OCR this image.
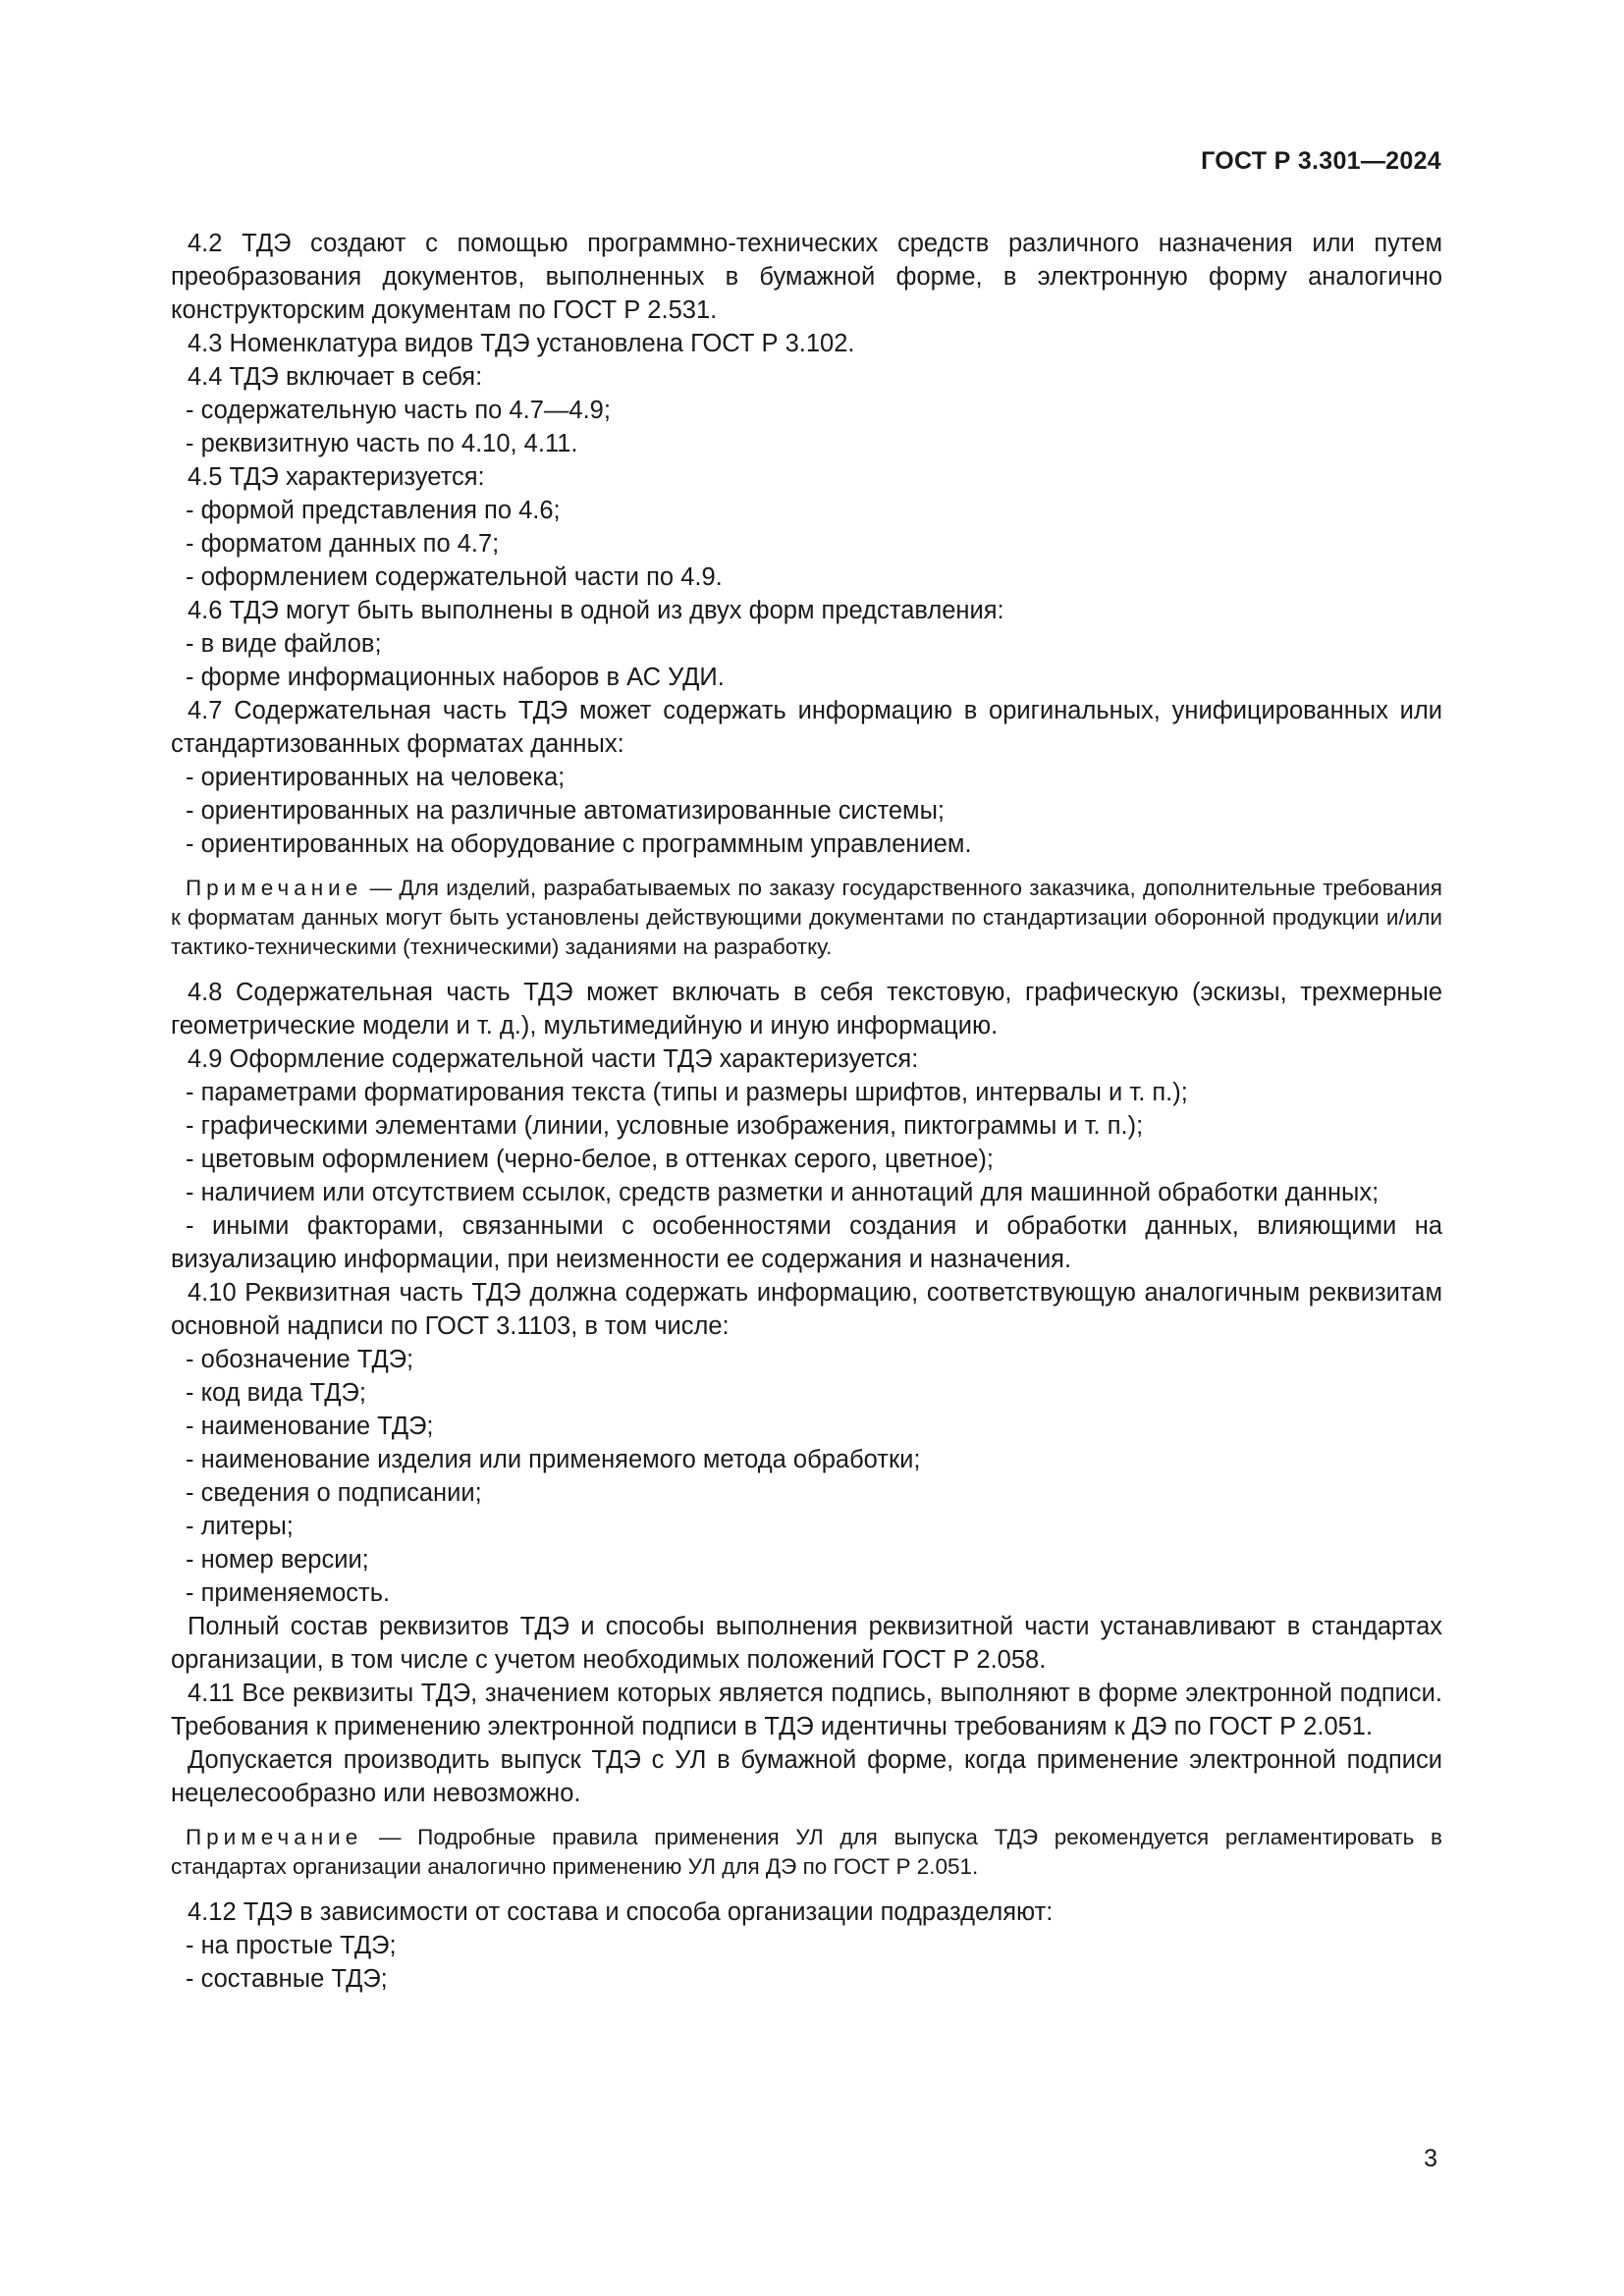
ГОСТ Р 3.301—2024

4.2 ТДЭ создают с помощью программно-технических средств различного назначения или путем преобразования документов, выполненных в бумажной форме, в электронную форму аналогично конструкторским документам по ГОСТ Р 2.531.

4.3 Номенклатура видов ТДЭ установлена ГОСТ Р 3.102.

4.4 ТДЭ включает в себя:

- содержательную часть по 4.7—4.9;

- реквизитную часть по 4.10, 4.11.

4.5 ТДЭ характеризуется:

- формой представления по 4.6;

- форматом данных по 4.7;

- оформлением содержательной части по 4.9.

4.6 ТДЭ могут быть выполнены в одной из двух форм представления:

- в виде файлов;

- форме информационных наборов в АС УДИ.

4.7 Содержательная часть ТДЭ может содержать информацию в оригинальных, унифицированных или стандартизованных форматах данных:

- ориентированных на человека;

- ориентированных на различные автоматизированные системы;

- ориентированных на оборудование с программным управлением.

Примечание — Для изделий, разрабатываемых по заказу государственного заказчика, дополнительные требования к форматам данных могут быть установлены действующими документами по стандартизации оборонной продукции и/или тактико-техническими (техническими) заданиями на разработку.

4.8 Содержательная часть ТДЭ может включать в себя текстовую, графическую (эскизы, трехмерные геометрические модели и т. д.), мультимедийную и иную информацию.

4.9 Оформление содержательной части ТДЭ характеризуется:

- параметрами форматирования текста (типы и размеры шрифтов, интервалы и т. п.);

- графическими элементами (линии, условные изображения, пиктограммы и т. п.);

- цветовым оформлением (черно-белое, в оттенках серого, цветное);

- наличием или отсутствием ссылок, средств разметки и аннотаций для машинной обработки данных;

- иными факторами, связанными с особенностями создания и обработки данных, влияющими на визуализацию информации, при неизменности ее содержания и назначения.

4.10 Реквизитная часть ТДЭ должна содержать информацию, соответствующую аналогичным реквизитам основной надписи по ГОСТ 3.1103, в том числе:

- обозначение ТДЭ;

- код вида ТДЭ;

- наименование ТДЭ;

- наименование изделия или применяемого метода обработки;

- сведения о подписании;

- литеры;

- номер версии;

- применяемость.

Полный состав реквизитов ТДЭ и способы выполнения реквизитной части устанавливают в стандартах организации, в том числе с учетом необходимых положений ГОСТ Р 2.058.

4.11 Все реквизиты ТДЭ, значением которых является подпись, выполняют в форме электронной подписи. Требования к применению электронной подписи в ТДЭ идентичны требованиям к ДЭ по ГОСТ Р 2.051.

Допускается производить выпуск ТДЭ с УЛ в бумажной форме, когда применение электронной подписи нецелесообразно или невозможно.

Примечание — Подробные правила применения УЛ для выпуска ТДЭ рекомендуется регламентировать в стандартах организации аналогично применению УЛ для ДЭ по ГОСТ Р 2.051.

4.12 ТДЭ в зависимости от состава и способа организации подразделяют:

- на простые ТДЭ;

- составные ТДЭ;

3
